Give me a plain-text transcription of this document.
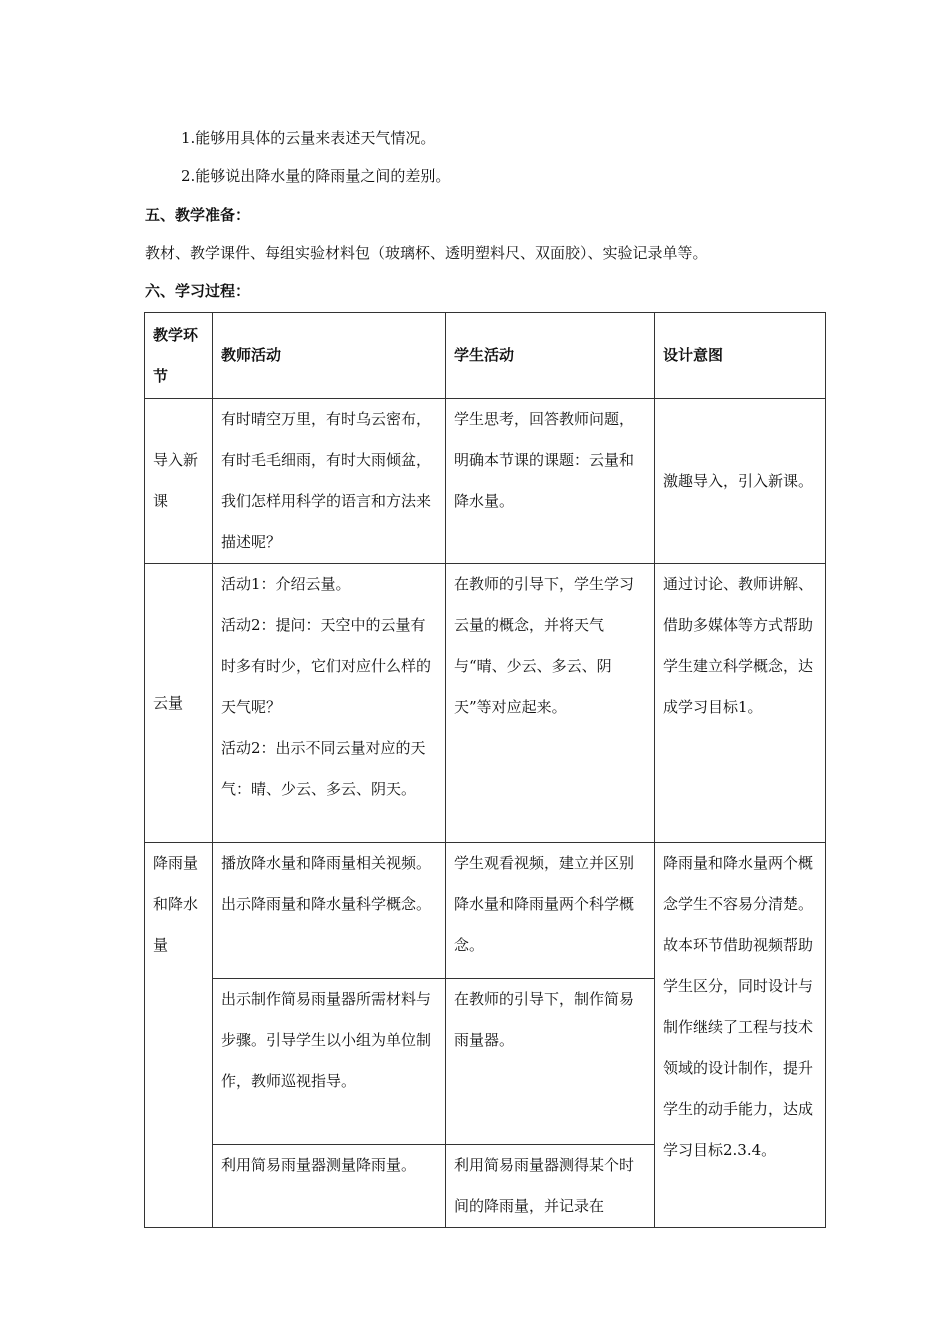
1.能够用具体的云量来表述天气情况。
2.能够说出降水量的降雨量之间的差别。
五、教学准备：
教材、教学课件、每组实验材料包（玻璃杯、透明塑料尺、双面胶）、实验记录单等。
六、学习过程：
教学环节	教师活动	学生活动	设计意图
导入新课	有时晴空万里，有时乌云密布，有时毛毛细雨，有时大雨倾盆，我们怎样用科学的语言和方法来描述呢？	学生思考，回答教师问题，明确本节课的课题：云量和降水量。	激趣导入，引入新课。
云量	活动1：介绍云量。
活动2：提问：天空中的云量有时多有时少，它们对应什么样的天气呢？
活动2：出示不同云量对应的天气：晴、少云、多云、阴天。	在教师的引导下，学生学习云量的概念，并将天气与“晴、少云、多云、阴天”等对应起来。	通过讨论、教师讲解、借助多媒体等方式帮助学生建立科学概念，达成学习目标1。
降雨量和降水量	播放降水量和降雨量相关视频。出示降雨量和降水量科学概念。	学生观看视频，建立并区别降水量和降雨量两个科学概念。	降雨量和降水量两个概念学生不容易分清楚。故本环节借助视频帮助学生区分，同时设计与制作继续了工程与技术领域的设计制作，提升学生的动手能力，达成学习目标2.3.4。
	出示制作简易雨量器所需材料与步骤。引导学生以小组为单位制作，教师巡视指导。	在教师的引导下，制作简易雨量器。	
	利用简易雨量器测量降雨量。	利用简易雨量器测得某个时间的降雨量，并记录在	
